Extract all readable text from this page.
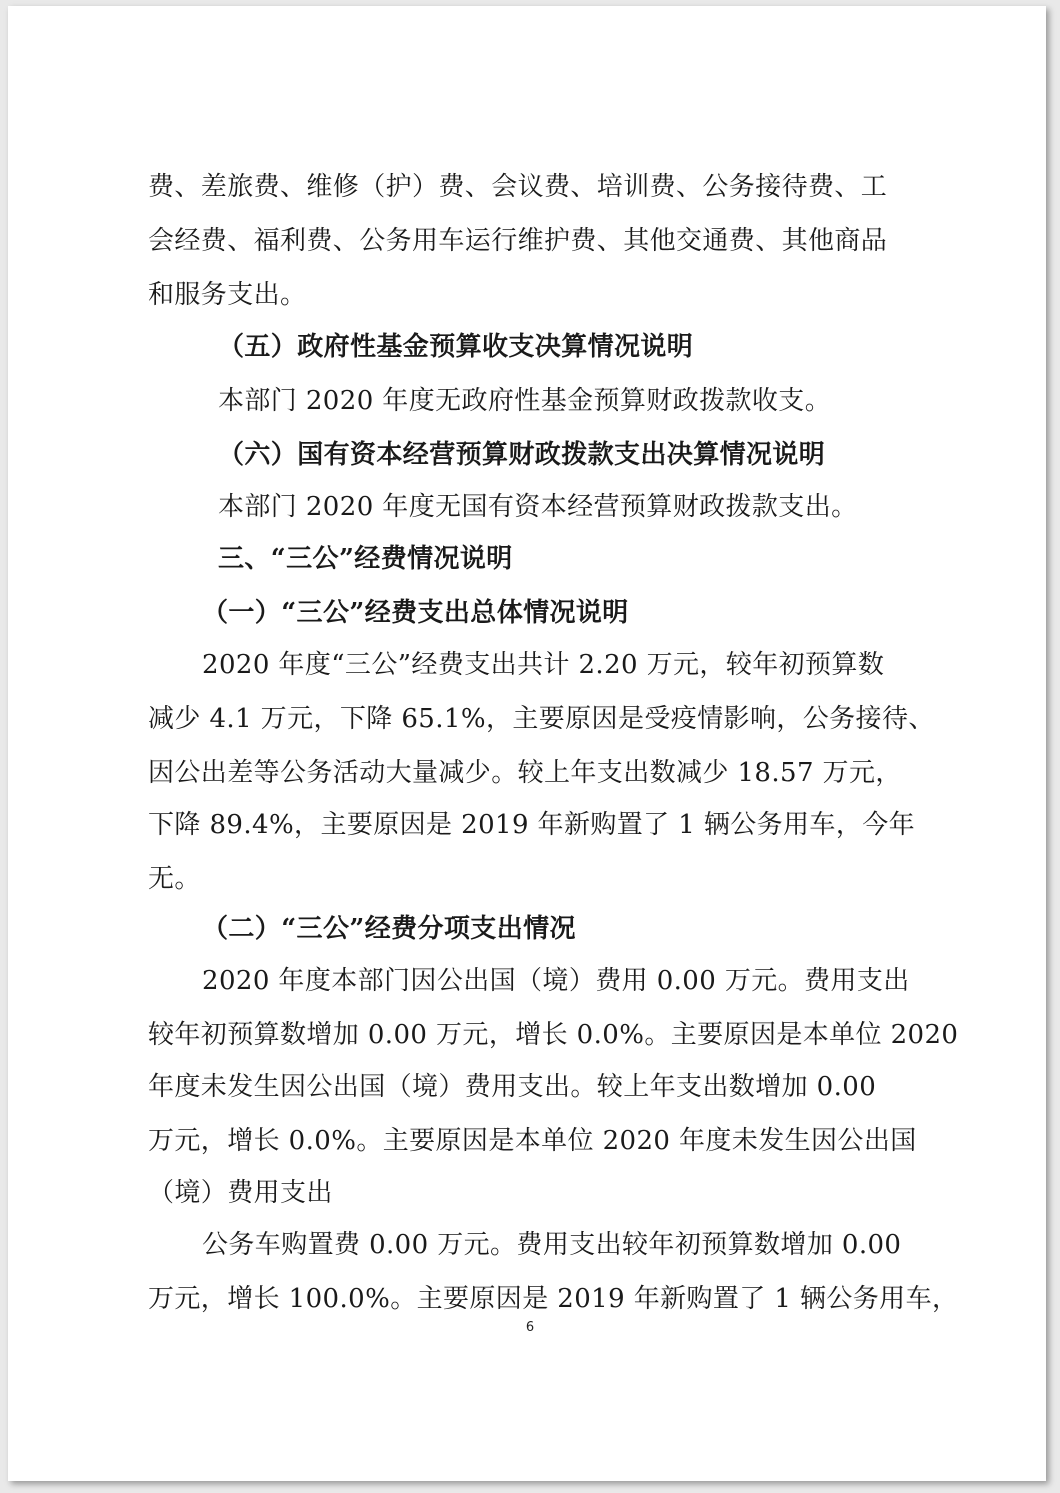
费、差旅费、维修（护）费、会议费、培训费、公务接待费、工
会经费、福利费、公务用车运行维护费、其他交通费、其他商品
和服务支出。
（五）政府性基金预算收支决算情况说明
本部门 2020 年度无政府性基金预算财政拨款收支。
（六）国有资本经营预算财政拨款支出决算情况说明
本部门 2020 年度无国有资本经营预算财政拨款支出。
三、“三公”经费情况说明
（一）“三公”经费支出总体情况说明
2020 年度“三公”经费支出共计 2.20 万元，较年初预算数
减少 4.1 万元，下降 65.1%，主要原因是受疫情影响，公务接待、
因公出差等公务活动大量减少。较上年支出数减少 18.57 万元，
下降 89.4%，主要原因是 2019 年新购置了 1 辆公务用车，今年
无。
（二）“三公”经费分项支出情况
2020 年度本部门因公出国（境）费用 0.00 万元。费用支出
较年初预算数增加 0.00 万元，增长 0.0%。主要原因是本单位 2020
年度未发生因公出国（境）费用支出。较上年支出数增加 0.00
万元，增长 0.0%。主要原因是本单位 2020 年度未发生因公出国
（境）费用支出
公务车购置费 0.00 万元。费用支出较年初预算数增加 0.00
万元，增长 100.0%。主要原因是 2019 年新购置了 1 辆公务用车，
6
